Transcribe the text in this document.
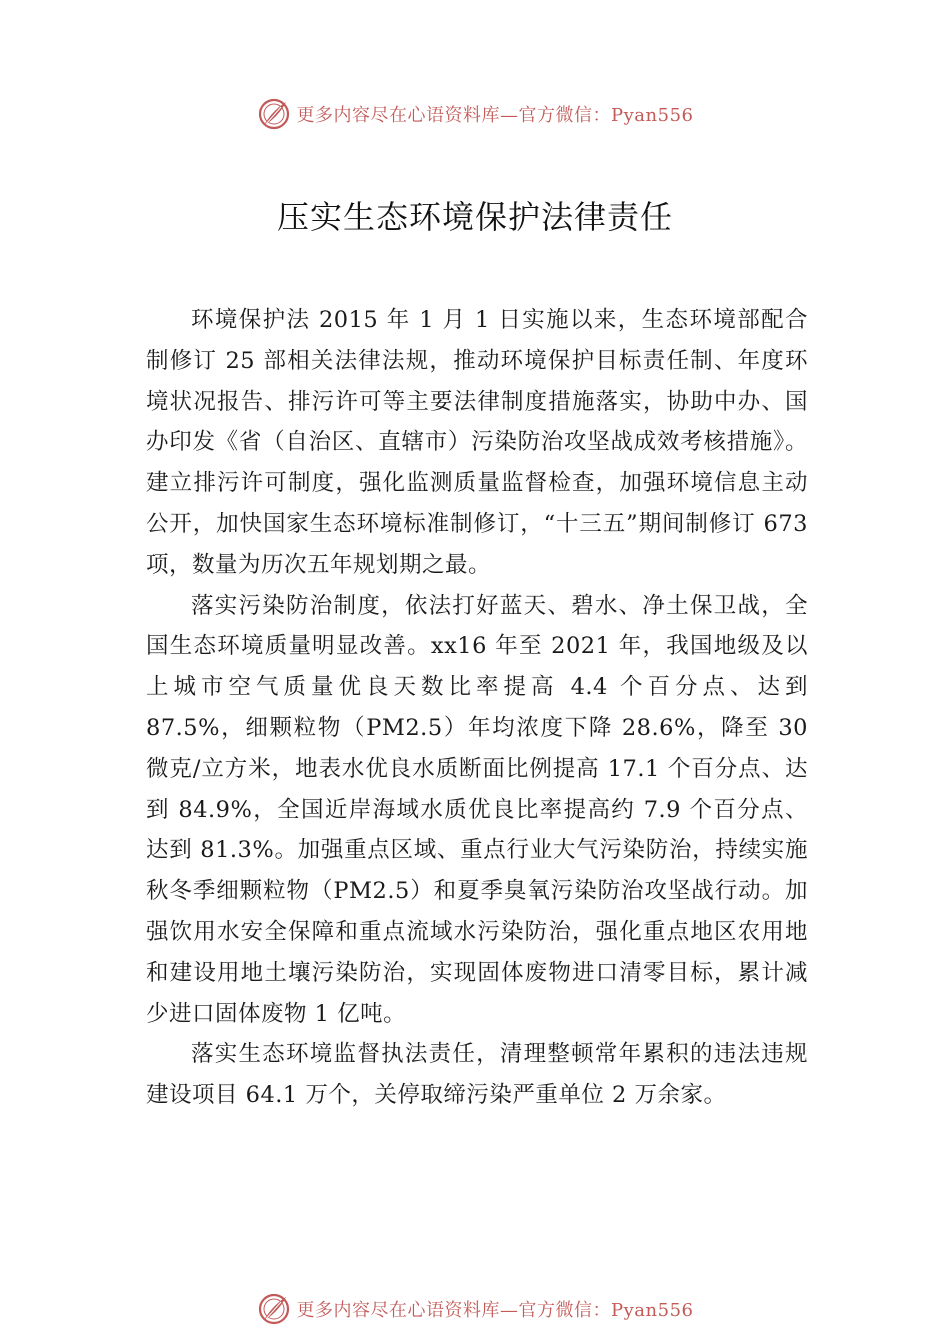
更多内容尽在心语资料库—官方微信：Pyan556
压实生态环境保护法律责任

环境保护法 2015 年 1 月 1 日实施以来，生态环境部配合制修订 25 部相关法律法规，推动环境保护目标责任制、年度环境状况报告、排污许可等主要法律制度措施落实，协助中办、国办印发《省（自治区、直辖市）污染防治攻坚战成效考核措施》。建立排污许可制度，强化监测质量监督检查，加强环境信息主动公开，加快国家生态环境标准制修订，“十三五”期间制修订 673 项，数量为历次五年规划期之最。

落实污染防治制度，依法打好蓝天、碧水、净土保卫战，全国生态环境质量明显改善。xx16 年至 2021 年，我国地级及以上城市空气质量优良天数比率提高 4.4 个百分点、达到 87.5%，细颗粒物（PM2.5）年均浓度下降 28.6%，降至 30 微克/立方米，地表水优良水质断面比例提高 17.1 个百分点、达到 84.9%，全国近岸海域水质优良比率提高约 7.9 个百分点、达到 81.3%。加强重点区域、重点行业大气污染防治，持续实施秋冬季细颗粒物（PM2.5）和夏季臭氧污染防治攻坚战行动。加强饮用水安全保障和重点流域水污染防治，强化重点地区农用地和建设用地土壤污染防治，实现固体废物进口清零目标，累计减少进口固体废物 1 亿吨。

落实生态环境监督执法责任，清理整顿常年累积的违法违规建设项目 64.1 万个，关停取缔污染严重单位 2 万余家。

更多内容尽在心语资料库—官方微信：Pyan556
